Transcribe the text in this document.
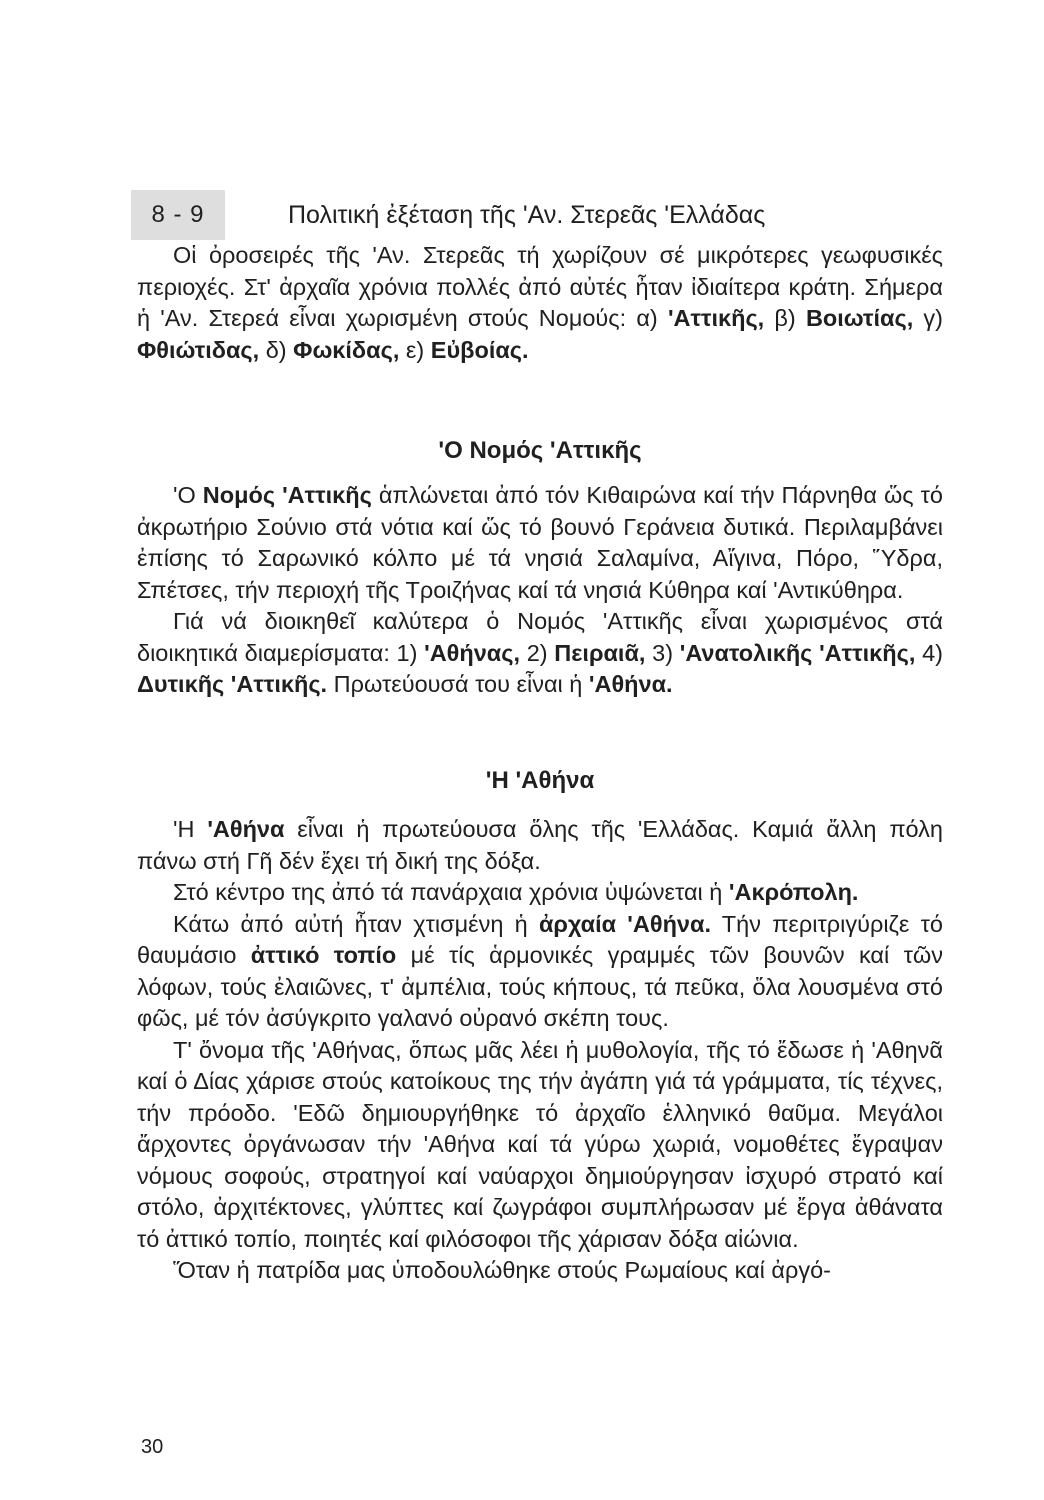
8 - 9	Πολιτική ἐξέταση τῆς 'Αν. Στερεᾶς 'Ελλάδας

Οἱ ὀροσειρές τῆς 'Αν. Στερεᾶς τή χωρίζουν σέ μικρότερες γεωφυσικές περιοχές. Στ' ἀρχαῖα χρόνια πολλές ἀπό αὐτές ἦταν ἰδιαίτερα κράτη. Σήμερα ἡ 'Αν. Στερεά εἶναι χωρισμένη στούς Νομούς: α) 'Αττικῆς, β) Βοιωτίας, γ) Φθιώτιδας, δ) Φωκίδας, ε) Εὐβοίας.

'Ο Νομός 'Αττικῆς

'Ο Νομός 'Αττικῆς ἁπλώνεται ἀπό τόν Κιθαιρώνα καί τήν Πάρνηθα ὥς τό ἀκρωτήριο Σούνιο στά νότια καί ὥς τό βουνό Γεράνεια δυτικά. Περιλαμβάνει ἐπίσης τό Σαρωνικό κόλπο μέ τά νησιά Σαλαμίνα, Αἴγινα, Πόρο, Ὕδρα, Σπέτσες, τήν περιοχή τῆς Τροιζήνας καί τά νησιά Κύθηρα καί 'Αντικύθηρα.

Γιά νά διοικηθεῖ καλύτερα ὁ Νομός 'Αττικῆς εἶναι χωρισμένος στά διοικητικά διαμερίσματα: 1) 'Αθήνας, 2) Πειραιᾶ, 3) 'Ανατολικῆς 'Αττικῆς, 4) Δυτικῆς 'Αττικῆς. Πρωτεύουσά του εἶναι ἡ 'Αθήνα.

'Η 'Αθήνα

'Η 'Αθήνα εἶναι ἡ πρωτεύουσα ὅλης τῆς 'Ελλάδας. Καμιά ἄλλη πόλη πάνω στή Γῆ δέν ἔχει τή δική της δόξα.

Στό κέντρο της ἀπό τά πανάρχαια χρόνια ὑψώνεται ἡ 'Ακρόπολη.

Κάτω ἀπό αὐτή ἦταν χτισμένη ἡ ἀρχαία 'Αθήνα. Τήν περιτριγύριζε τό θαυμάσιο ἀττικό τοπίο μέ τίς ἁρμονικές γραμμές τῶν βουνῶν καί τῶν λόφων, τούς ἐλαιῶνες, τ' ἀμπέλια, τούς κήπους, τά πεῦκα, ὅλα λουσμένα στό φῶς, μέ τόν ἀσύγκριτο γαλανό οὐρανό σκέπη τους.

Τ' ὄνομα τῆς 'Αθήνας, ὅπως μᾶς λέει ἡ μυθολογία, τῆς τό ἔδωσε ἡ 'Αθηνᾶ καί ὁ Δίας χάρισε στούς κατοίκους της τήν ἀγάπη γιά τά γράμματα, τίς τέχνες, τήν πρόοδο. 'Εδῶ δημιουργήθηκε τό ἀρχαῖο ἑλληνικό θαῦμα. Μεγάλοι ἄρχοντες ὀργάνωσαν τήν 'Αθήνα καί τά γύρω χωριά, νομοθέτες ἔγραψαν νόμους σοφούς, στρατηγοί καί ναύαρχοι δημιούργησαν ἰσχυρό στρατό καί στόλο, ἀρχιτέκτονες, γλύπτες καί ζωγράφοι συμπλήρωσαν μέ ἔργα ἀθάνατα τό ἀττικό τοπίο, ποιητές καί φιλόσοφοι τῆς χάρισαν δόξα αἰώνια.

Ὅταν ἡ πατρίδα μας ὑποδουλώθηκε στούς Ρωμαίους καί ἀργό-

30
